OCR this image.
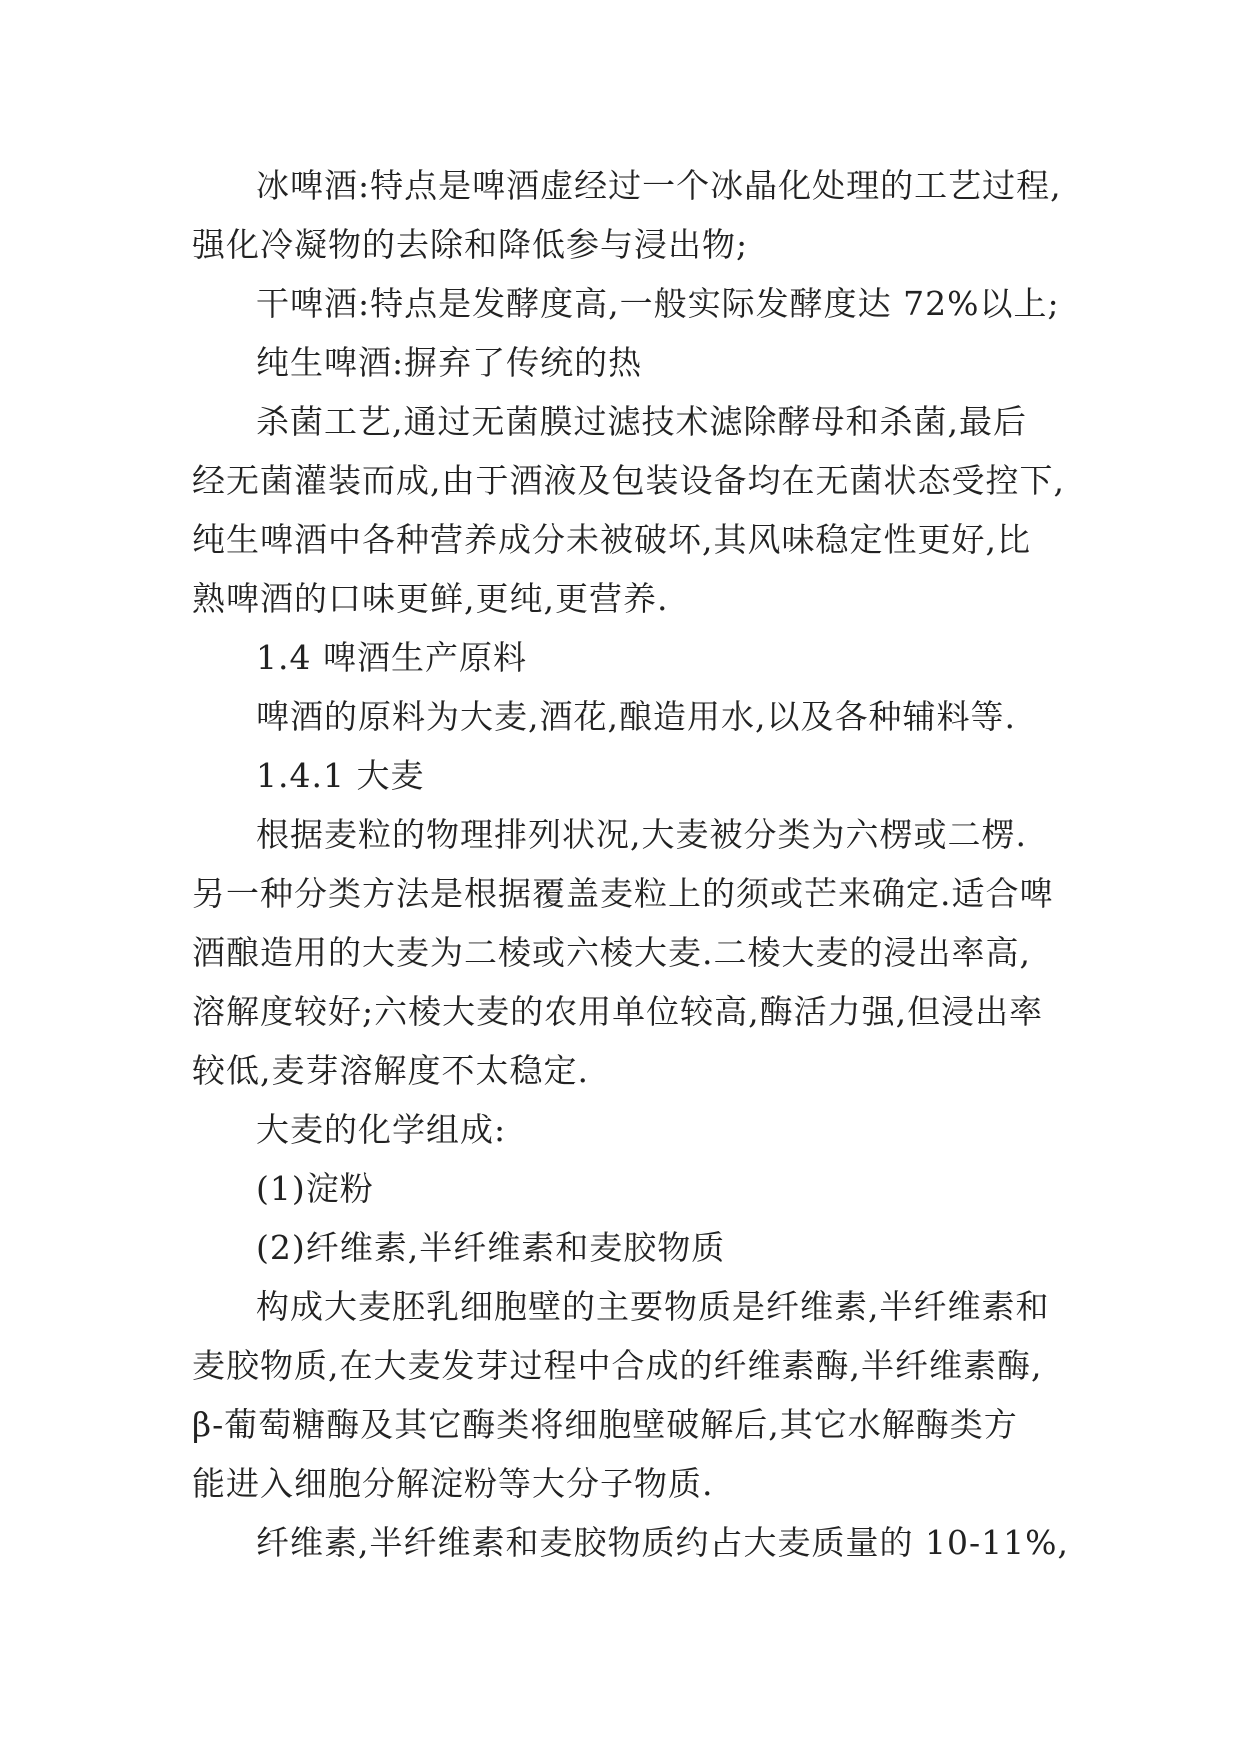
冰啤酒:特点是啤酒虚经过一个冰晶化处理的工艺过程,
强化冷凝物的去除和降低参与浸出物;
干啤酒:特点是发酵度高,一般实际发酵度达 72%以上;
纯生啤酒:摒弃了传统的热
杀菌工艺,通过无菌膜过滤技术滤除酵母和杀菌,最后
经无菌灌装而成,由于酒液及包装设备均在无菌状态受控下,
纯生啤酒中各种营养成分未被破坏,其风味稳定性更好,比
熟啤酒的口味更鲜,更纯,更营养.
1.4 啤酒生产原料
啤酒的原料为大麦,酒花,酿造用水,以及各种辅料等.
1.4.1 大麦
根据麦粒的物理排列状况,大麦被分类为六楞或二楞.
另一种分类方法是根据覆盖麦粒上的须或芒来确定.适合啤
酒酿造用的大麦为二棱或六棱大麦.二棱大麦的浸出率高,
溶解度较好;六棱大麦的农用单位较高,酶活力强,但浸出率
较低,麦芽溶解度不太稳定.
大麦的化学组成:
(1)淀粉
(2)纤维素,半纤维素和麦胶物质
构成大麦胚乳细胞壁的主要物质是纤维素,半纤维素和
麦胶物质,在大麦发芽过程中合成的纤维素酶,半纤维素酶,
β-葡萄糖酶及其它酶类将细胞壁破解后,其它水解酶类方
能进入细胞分解淀粉等大分子物质.
纤维素,半纤维素和麦胶物质约占大麦质量的 10-11%,
